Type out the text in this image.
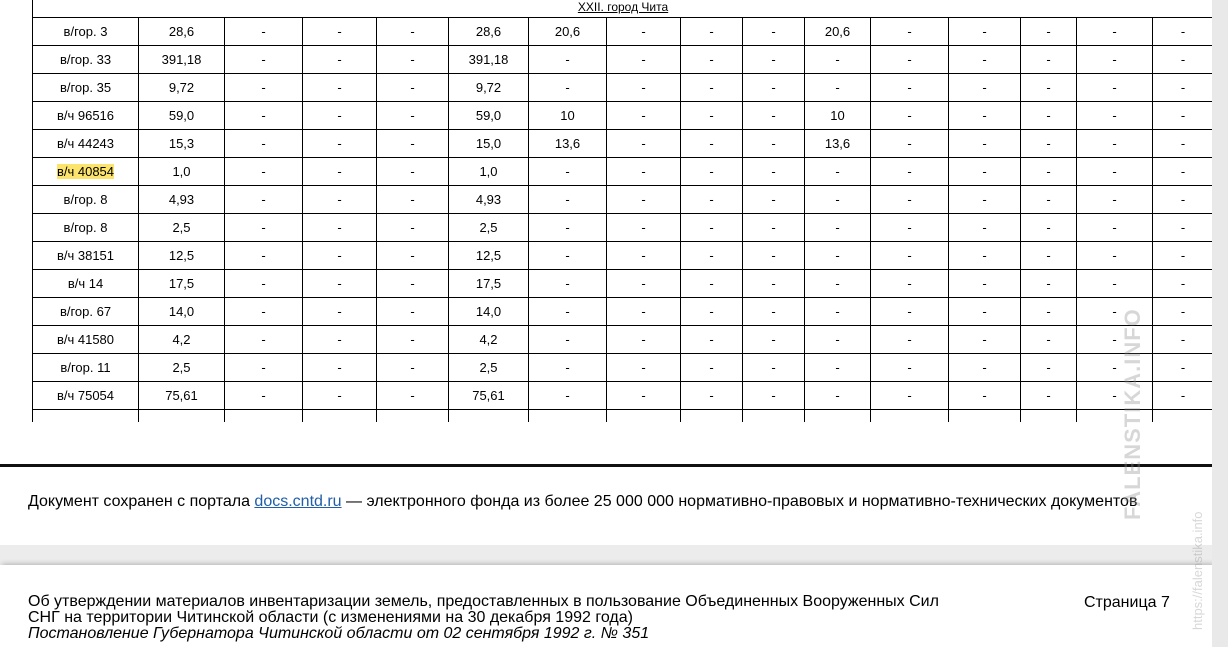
XXII. город Чита															
в/гор. 3	28,6	-	-	-	28,6	20,6	-	-	-	20,6	-	-	-	-	-
в/гор. 33	391,18	-	-	-	391,18	-	-	-	-	-	-	-	-	-	-
в/гор. 35	9,72	-	-	-	9,72	-	-	-	-	-	-	-	-	-	-
в/ч 96516	59,0	-	-	-	59,0	10	-	-	-	10	-	-	-	-	-
в/ч 44243	15,3	-	-	-	15,0	13,6	-	-	-	13,6	-	-	-	-	-
в/ч 40854	1,0	-	-	-	1,0	-	-	-	-	-	-	-	-	-	-
в/гор. 8	4,93	-	-	-	4,93	-	-	-	-	-	-	-	-	-	-
в/гор. 8	2,5	-	-	-	2,5	-	-	-	-	-	-	-	-	-	-
в/ч 38151	12,5	-	-	-	12,5	-	-	-	-	-	-	-	-	-	-
в/ч 14	17,5	-	-	-	17,5	-	-	-	-	-	-	-	-	-	-
в/гор. 67	14,0	-	-	-	14,0	-	-	-	-	-	-	-	-	-	-
в/ч 41580	4,2	-	-	-	4,2	-	-	-	-	-	-	-	-	-	-
в/гор. 11	2,5	-	-	-	2,5	-	-	-	-	-	-	-	-	-	-
в/ч 75054	75,61	-	-	-	75,61	-	-	-	-	-	-	-	-	-	-

Документ сохранен с портала docs.cntd.ru — электронного фонда из более 25 000 000 нормативно-правовых и нормативно-технических документов
Об утверждении материалов инвентаризации земель, предоставленных в пользование Объединенных Вооруженных Сил
СНГ на территории Читинской области (с изменениями на 30 декабря 1992 года)
Постановление Губернатора Читинской области от 02 сентября 1992 г. № 351
Страница 7
FALENSTIKA.INFO
https://falenstika.info
